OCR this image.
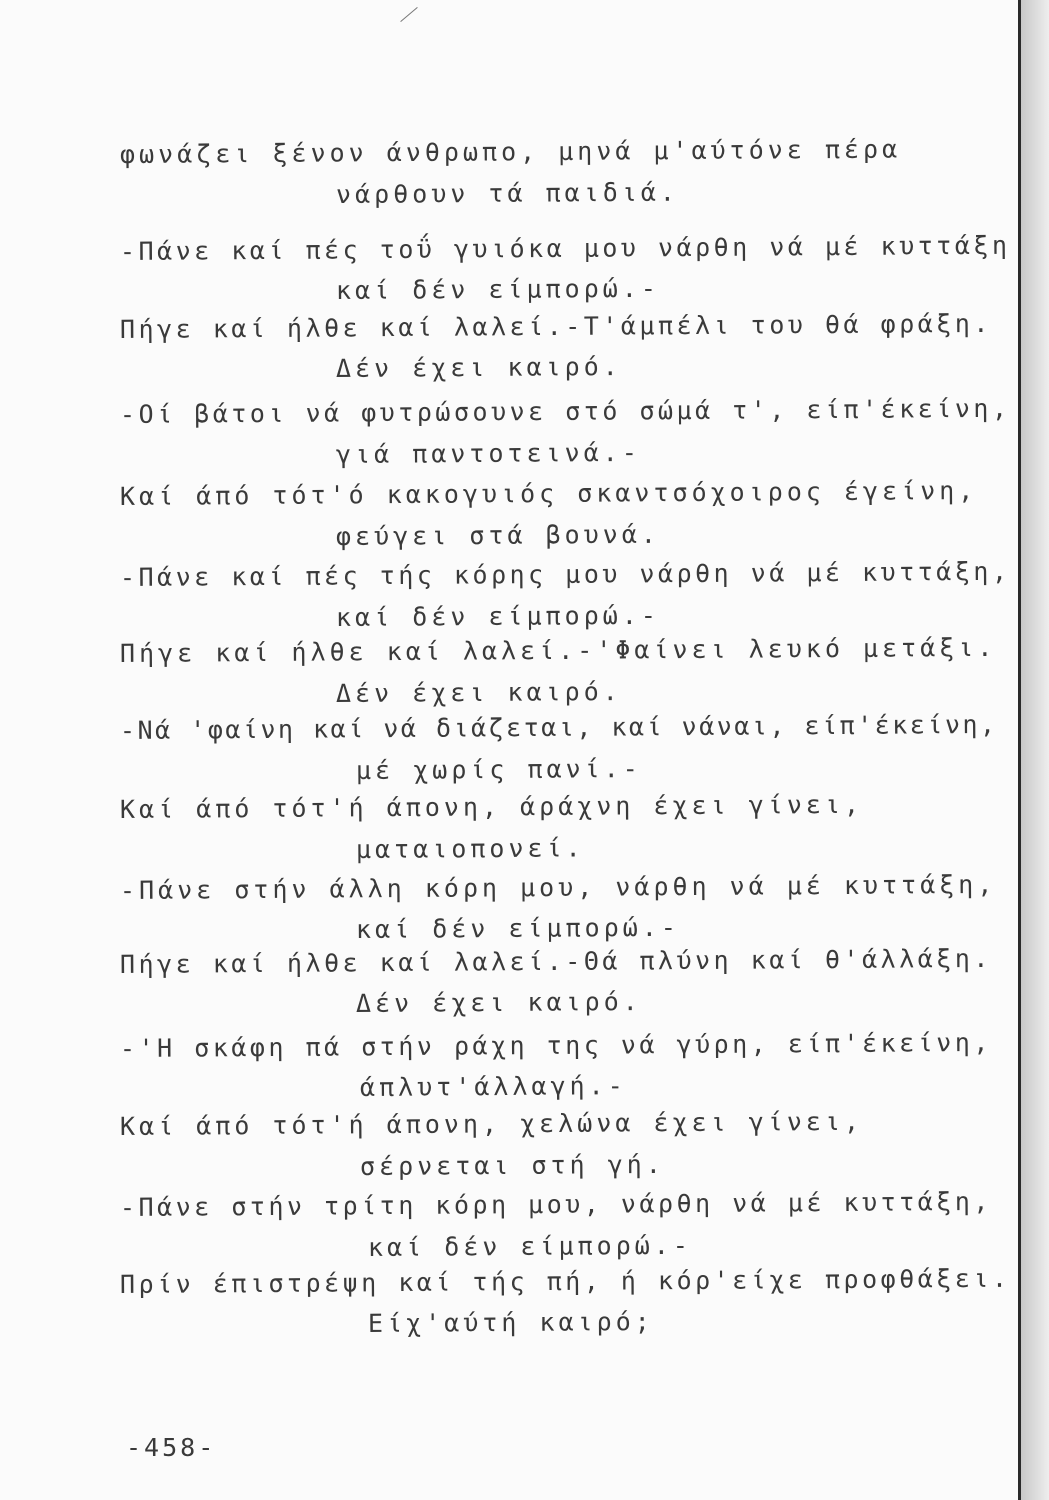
φωνάζει ξένον άνθρωπο, μηνά μ'αύτόνε πέρα

νάρθουν τά παιδιά.

-Πάνε καί πές τοΰ γυιόκα μου νάρθη νά μέ κυττάξη

καί δέν είμπορώ.-

Πήγε καί ήλθε καί λαλεί.-Τ'άμπέλι του θά φράξη.

Δέν έχει καιρό.

-Οί βάτοι νά φυτρώσουνε στό σώμά τ', είπ'έκείνη,

γιά παντοτεινά.-

Καί άπό τότ'ό κακογυιός σκαντσόχοιρος έγείνη,

φεύγει στά βουνά.

-Πάνε καί πές τής κόρης μου νάρθη νά μέ κυττάξη,

καί δέν είμπορώ.-

Πήγε καί ήλθε καί λαλεί.-'Φαίνει λευκό μετάξι.

Δέν έχει καιρό.

-Νά 'φαίνη καί νά διάζεται, καί νάναι, είπ'έκείνη,

μέ χωρίς πανί.-

Καί άπό τότ'ή άπονη, άράχνη έχει γίνει,

ματαιοπονεί.

-Πάνε στήν άλλη κόρη μου, νάρθη νά μέ κυττάξη,

καί δέν είμπορώ.-

Πήγε καί ήλθε καί λαλεί.-Θά πλύνη καί θ'άλλάξη.

Δέν έχει καιρό.

-'Η σκάφη πά στήν ράχη της νά γύρη, είπ'έκείνη,

άπλυτ'άλλαγή.-

Καί άπό τότ'ή άπονη, χελώνα έχει γίνει,

σέρνεται στή γή.

-Πάνε στήν τρίτη κόρη μου, νάρθη νά μέ κυττάξη,

καί δέν είμπορώ.-

Πρίν έπιστρέψη καί τής πή, ή κόρ'είχε προφθάξει.

Είχ'αύτή καιρό;

-458-
